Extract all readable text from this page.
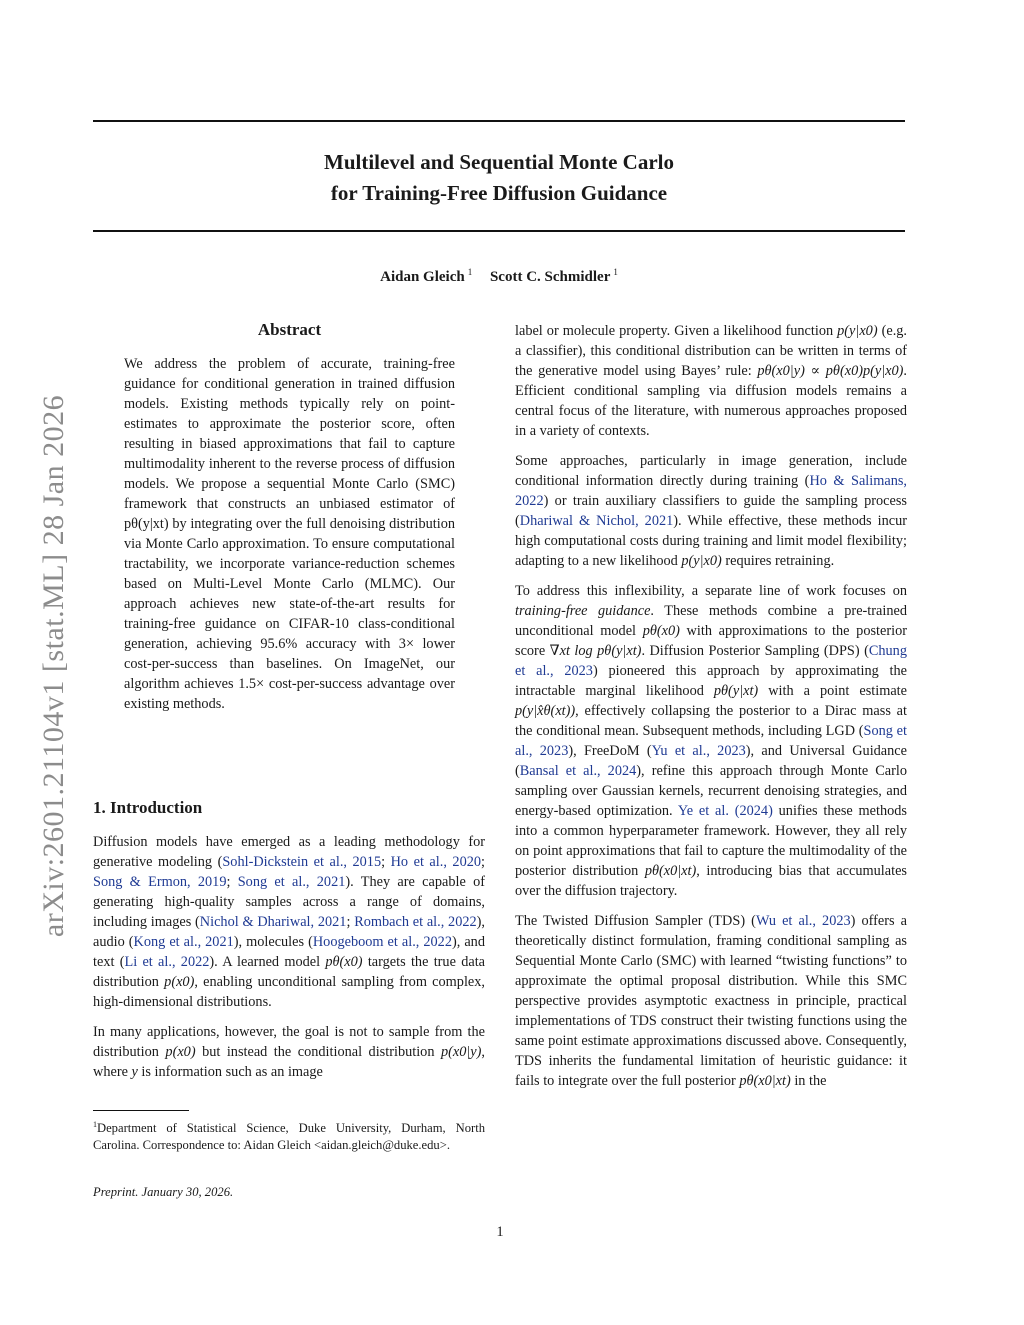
arXiv:2601.21104v1 [stat.ML] 28 Jan 2026
Multilevel and Sequential Monte Carlo
for Training-Free Diffusion Guidance
Aidan Gleich $^1$ Scott C. Schmidler $^1$
Abstract
We address the problem of accurate, training-free guidance for conditional generation in trained diffusion models. Existing methods typically rely on point-estimates to approximate the posterior score, often resulting in biased approximations that fail to capture multimodality inherent to the reverse process of diffusion models. We propose a sequential Monte Carlo (SMC) framework that constructs an unbiased estimator of pθ(y|xt) by integrating over the full denoising distribution via Monte Carlo approximation. To ensure computational tractability, we incorporate variance-reduction schemes based on Multi-Level Monte Carlo (MLMC). Our approach achieves new state-of-the-art results for training-free guidance on CIFAR-10 class-conditional generation, achieving 95.6% accuracy with 3× lower cost-per-success than baselines. On ImageNet, our algorithm achieves 1.5× cost-per-success advantage over existing methods.
1. Introduction

Diffusion models have emerged as a leading methodology for generative modeling (Sohl-Dickstein et al., 2015; Ho et al., 2020; Song & Ermon, 2019; Song et al., 2021). They are capable of generating high-quality samples across a range of domains, including images (Nichol & Dhariwal, 2021; Rombach et al., 2022), audio (Kong et al., 2021), molecules (Hoogeboom et al., 2022), and text (Li et al., 2022). A learned model pθ(x0) targets the true data distribution p(x0), enabling unconditional sampling from complex, high-dimensional distributions.

In many applications, however, the goal is not to sample from the distribution p(x0) but instead the conditional distribution p(x0|y), where y is information such as an image

label or molecule property. Given a likelihood function p(y|x0) (e.g. a classifier), this conditional distribution can be written in terms of the generative model using Bayes’ rule: pθ(x0|y) ∝ pθ(x0)p(y|x0). Efficient conditional sampling via diffusion models remains a central focus of the literature, with numerous approaches proposed in a variety of contexts.

Some approaches, particularly in image generation, include conditional information directly during training (Ho & Salimans, 2022) or train auxiliary classifiers to guide the sampling process (Dhariwal & Nichol, 2021). While effective, these methods incur high computational costs during training and limit model flexibility; adapting to a new likelihood p(y|x0) requires retraining.

To address this inflexibility, a separate line of work focuses on training-free guidance. These methods combine a pre-trained unconditional model pθ(x0) with approximations to the posterior score ∇xt log pθ(y|xt). Diffusion Posterior Sampling (DPS) (Chung et al., 2023) pioneered this approach by approximating the intractable marginal likelihood pθ(y|xt) with a point estimate p(y|x̂θ(xt)), effectively collapsing the posterior to a Dirac mass at the conditional mean. Subsequent methods, including LGD (Song et al., 2023), FreeDoM (Yu et al., 2023), and Universal Guidance (Bansal et al., 2024), refine this approach through Monte Carlo sampling over Gaussian kernels, recurrent denoising strategies, and energy-based optimization. Ye et al. (2024) unifies these methods into a common hyperparameter framework. However, they all rely on point approximations that fail to capture the multimodality of the posterior distribution pθ(x0|xt), introducing bias that accumulates over the diffusion trajectory.

The Twisted Diffusion Sampler (TDS) (Wu et al., 2023) offers a theoretically distinct formulation, framing conditional sampling as Sequential Monte Carlo (SMC) with learned “twisting functions” to approximate the optimal proposal distribution. While this SMC perspective provides asymptotic exactness in principle, practical implementations of TDS construct their twisting functions using the same point estimate approximations discussed above. Consequently, TDS inherits the fundamental limitation of heuristic guidance: it fails to integrate over the full posterior pθ(x0|xt) in the

$^1$Department of Statistical Science, Duke University, Durham, North Carolina. Correspondence to: Aidan Gleich <aidan.gleich@duke.edu>.
Preprint. January 30, 2026.
1
